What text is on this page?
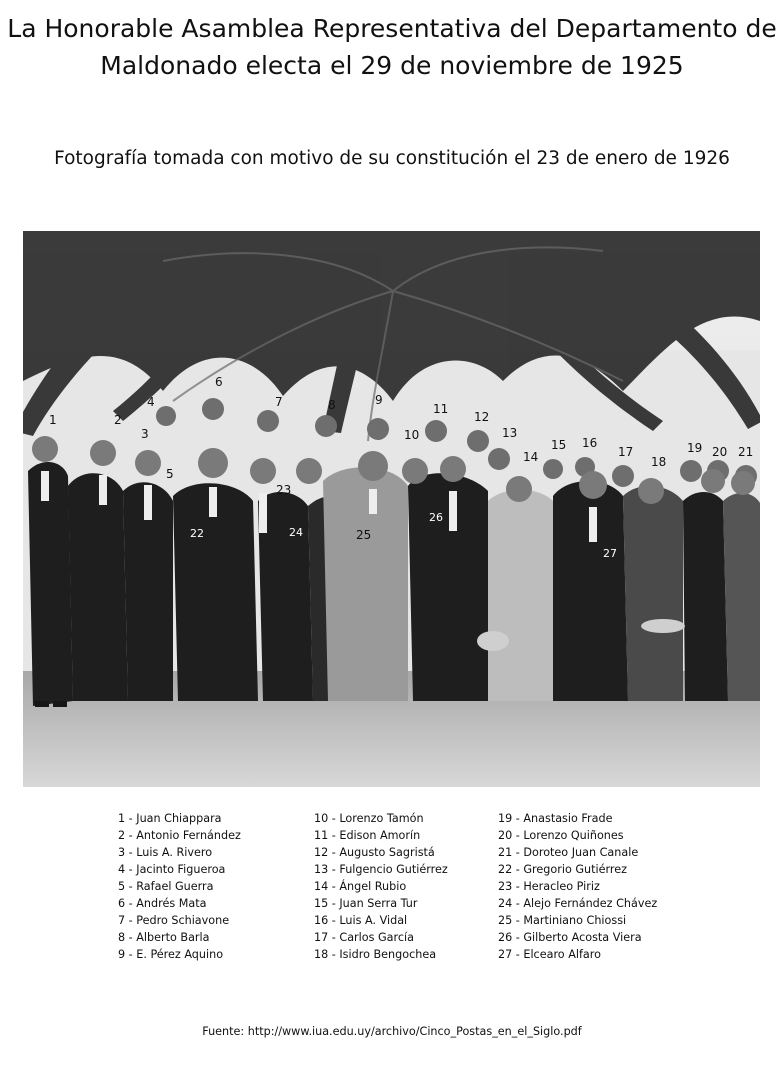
La Honorable Asamblea Representativa del Departamento de
Maldonado electa el 29 de noviembre de 1925
Fotografía tomada con motivo de su constitución el 23 de enero de 1926
1	2
3
4
5
6
7	8	9
10
11
12
13
14
15 16
17
18
19 20 21
22
23
24	25
26
27
1 - Juan Chiappara
2 - Antonio Fernández
3 - Luis A. Rivero
4 - Jacinto Figueroa
5 - Rafael Guerra
6 - Andrés Mata
7 - Pedro Schiavone
8 - Alberto Barla
9 - E. Pérez Aquino
10 - Lorenzo Tamón
11 - Edison Amorín
12 - Augusto Sagristá
13 - Fulgencio Gutiérrez
14 - Ángel Rubio
15 - Juan Serra Tur
16 - Luis A. Vidal
17 - Carlos García
18 - Isidro Bengochea
19 - Anastasio Frade
20 - Lorenzo Quiñones
21 - Doroteo Juan Canale
22 - Gregorio Gutiérrez
23 - Heracleo Piriz
24 - Alejo Fernández Chávez
25 - Martiniano Chiossi
26 - Gilberto Acosta Viera
27 - Elcearo Alfaro
Fuente: http://www.iua.edu.uy/archivo/Cinco_Postas_en_el_Siglo.pdf
